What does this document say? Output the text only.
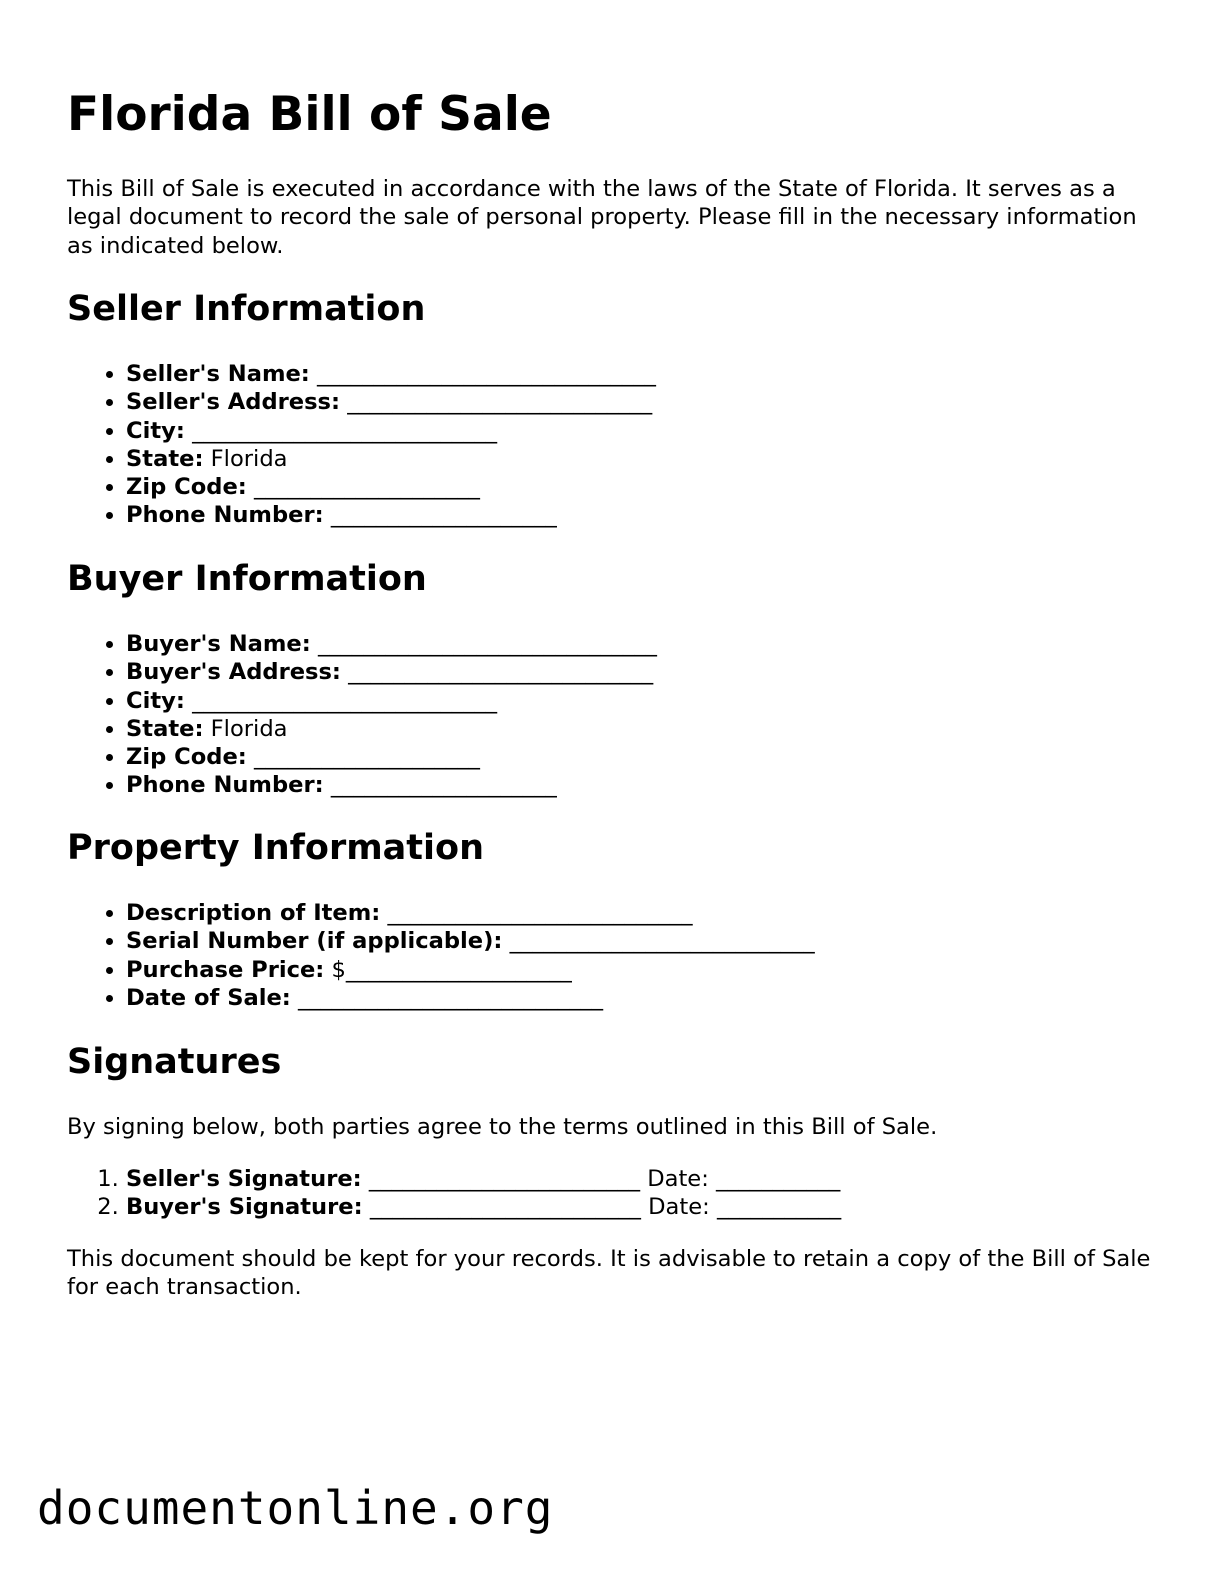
Florida Bill of Sale

This Bill of Sale is executed in accordance with the laws of the State of Florida. It serves as a legal document to record the sale of personal property. Please fill in the necessary information as indicated below.

Seller Information
• Seller's Name: ______________________________
• Seller's Address: ___________________________
• City: ___________________________
• State: Florida
• Zip Code: ____________________
• Phone Number: ____________________
Buyer Information
• Buyer's Name: ______________________________
• Buyer's Address: ___________________________
• City: ___________________________
• State: Florida
• Zip Code: ____________________
• Phone Number: ____________________
Property Information
• Description of Item: ___________________________
• Serial Number (if applicable): ___________________________
• Purchase Price: $____________________
• Date of Sale: ___________________________
Signatures

By signing below, both parties agree to the terms outlined in this Bill of Sale.

1. Seller's Signature: ________________________ Date: ___________
2. Buyer's Signature: ________________________ Date: ___________

This document should be kept for your records. It is advisable to retain a copy of the Bill of Sale for each transaction.

documentonline.org
